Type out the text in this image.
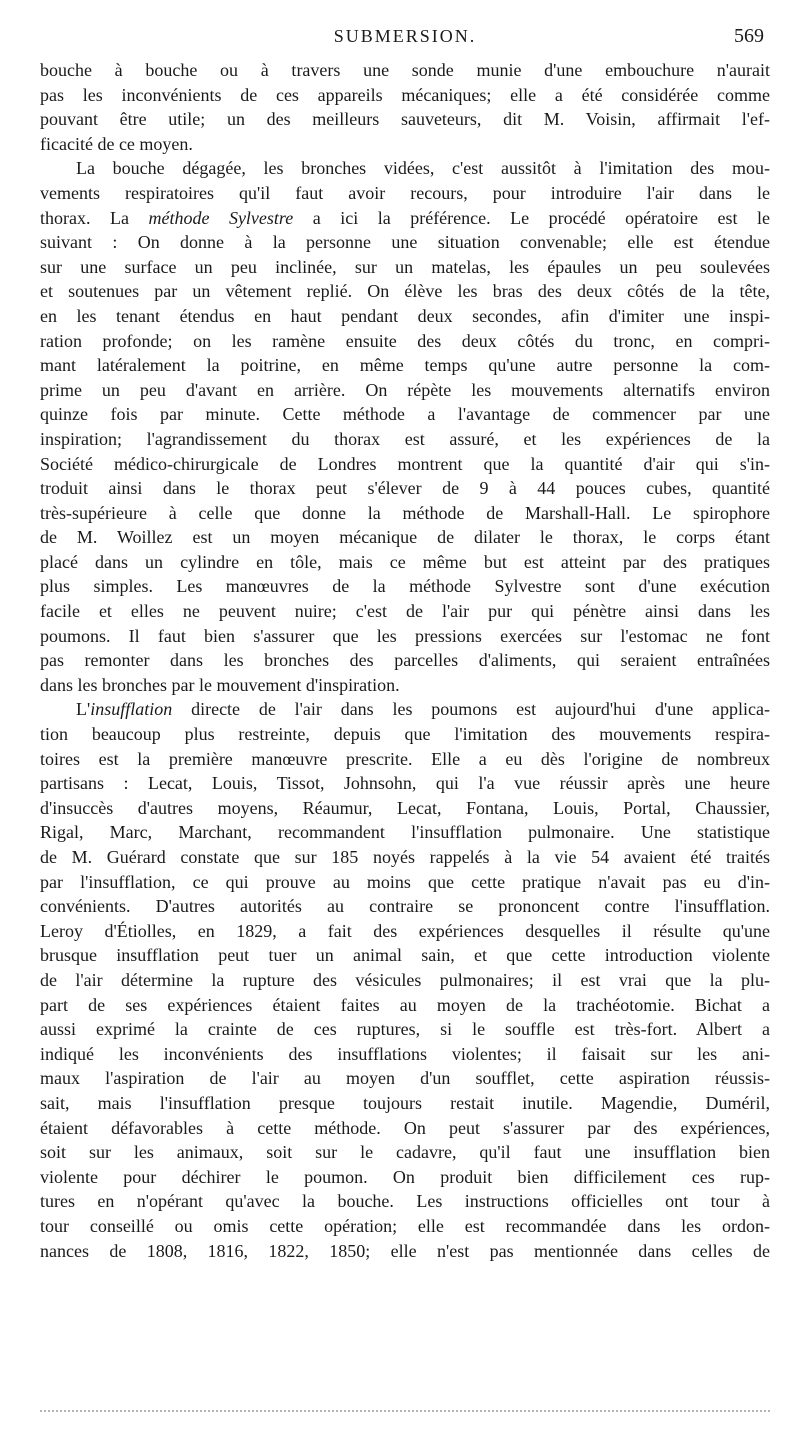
SUBMERSION.	569
bouche à bouche ou à travers une sonde munie d'une embouchure n'aurait
pas les inconvénients de ces appareils mécaniques; elle a été considérée comme
pouvant être utile; un des meilleurs sauveteurs, dit M. Voisin, affirmait l'ef-
ficacité de ce moyen.
La bouche dégagée, les bronches vidées, c'est aussitôt à l'imitation des mou-
vements respiratoires qu'il faut avoir recours, pour introduire l'air dans le
thorax. La méthode Sylvestre a ici la préférence. Le procédé opératoire est le
suivant : On donne à la personne une situation convenable; elle est étendue
sur une surface un peu inclinée, sur un matelas, les épaules un peu soulevées
et soutenues par un vêtement replié. On élève les bras des deux côtés de la tête,
en les tenant étendus en haut pendant deux secondes, afin d'imiter une inspi-
ration profonde; on les ramène ensuite des deux côtés du tronc, en compri-
mant latéralement la poitrine, en même temps qu'une autre personne la com-
prime un peu d'avant en arrière. On répète les mouvements alternatifs environ
quinze fois par minute. Cette méthode a l'avantage de commencer par une
inspiration; l'agrandissement du thorax est assuré, et les expériences de la
Société médico-chirurgicale de Londres montrent que la quantité d'air qui s'in-
troduit ainsi dans le thorax peut s'élever de 9 à 44 pouces cubes, quantité
très-supérieure à celle que donne la méthode de Marshall-Hall. Le spirophore
de M. Woillez est un moyen mécanique de dilater le thorax, le corps étant
placé dans un cylindre en tôle, mais ce même but est atteint par des pratiques
plus simples. Les manœuvres de la méthode Sylvestre sont d'une exécution
facile et elles ne peuvent nuire; c'est de l'air pur qui pénètre ainsi dans les
poumons. Il faut bien s'assurer que les pressions exercées sur l'estomac ne font
pas remonter dans les bronches des parcelles d'aliments, qui seraient entraînées
dans les bronches par le mouvement d'inspiration.
L'insufflation directe de l'air dans les poumons est aujourd'hui d'une applica-
tion beaucoup plus restreinte, depuis que l'imitation des mouvements respira-
toires est la première manœuvre prescrite. Elle a eu dès l'origine de nombreux
partisans : Lecat, Louis, Tissot, Johnsohn, qui l'a vue réussir après une heure
d'insuccès d'autres moyens, Réaumur, Lecat, Fontana, Louis, Portal, Chaussier,
Rigal, Marc, Marchant, recommandent l'insufflation pulmonaire. Une statistique
de M. Guérard constate que sur 185 noyés rappelés à la vie 54 avaient été traités
par l'insufflation, ce qui prouve au moins que cette pratique n'avait pas eu d'in-
convénients. D'autres autorités au contraire se prononcent contre l'insufflation.
Leroy d'Étiolles, en 1829, a fait des expériences desquelles il résulte qu'une
brusque insufflation peut tuer un animal sain, et que cette introduction violente
de l'air détermine la rupture des vésicules pulmonaires; il est vrai que la plu-
part de ses expériences étaient faites au moyen de la trachéotomie. Bichat a
aussi exprimé la crainte de ces ruptures, si le souffle est très-fort. Albert a
indiqué les inconvénients des insufflations violentes; il faisait sur les ani-
maux l'aspiration de l'air au moyen d'un soufflet, cette aspiration réussis-
sait, mais l'insufflation presque toujours restait inutile. Magendie, Duméril,
étaient défavorables à cette méthode. On peut s'assurer par des expériences,
soit sur les animaux, soit sur le cadavre, qu'il faut une insufflation bien
violente pour déchirer le poumon. On produit bien difficilement ces rup-
tures en n'opérant qu'avec la bouche. Les instructions officielles ont tour à
tour conseillé ou omis cette opération; elle est recommandée dans les ordon-
nances de 1808, 1816, 1822, 1850; elle n'est pas mentionnée dans celles de
